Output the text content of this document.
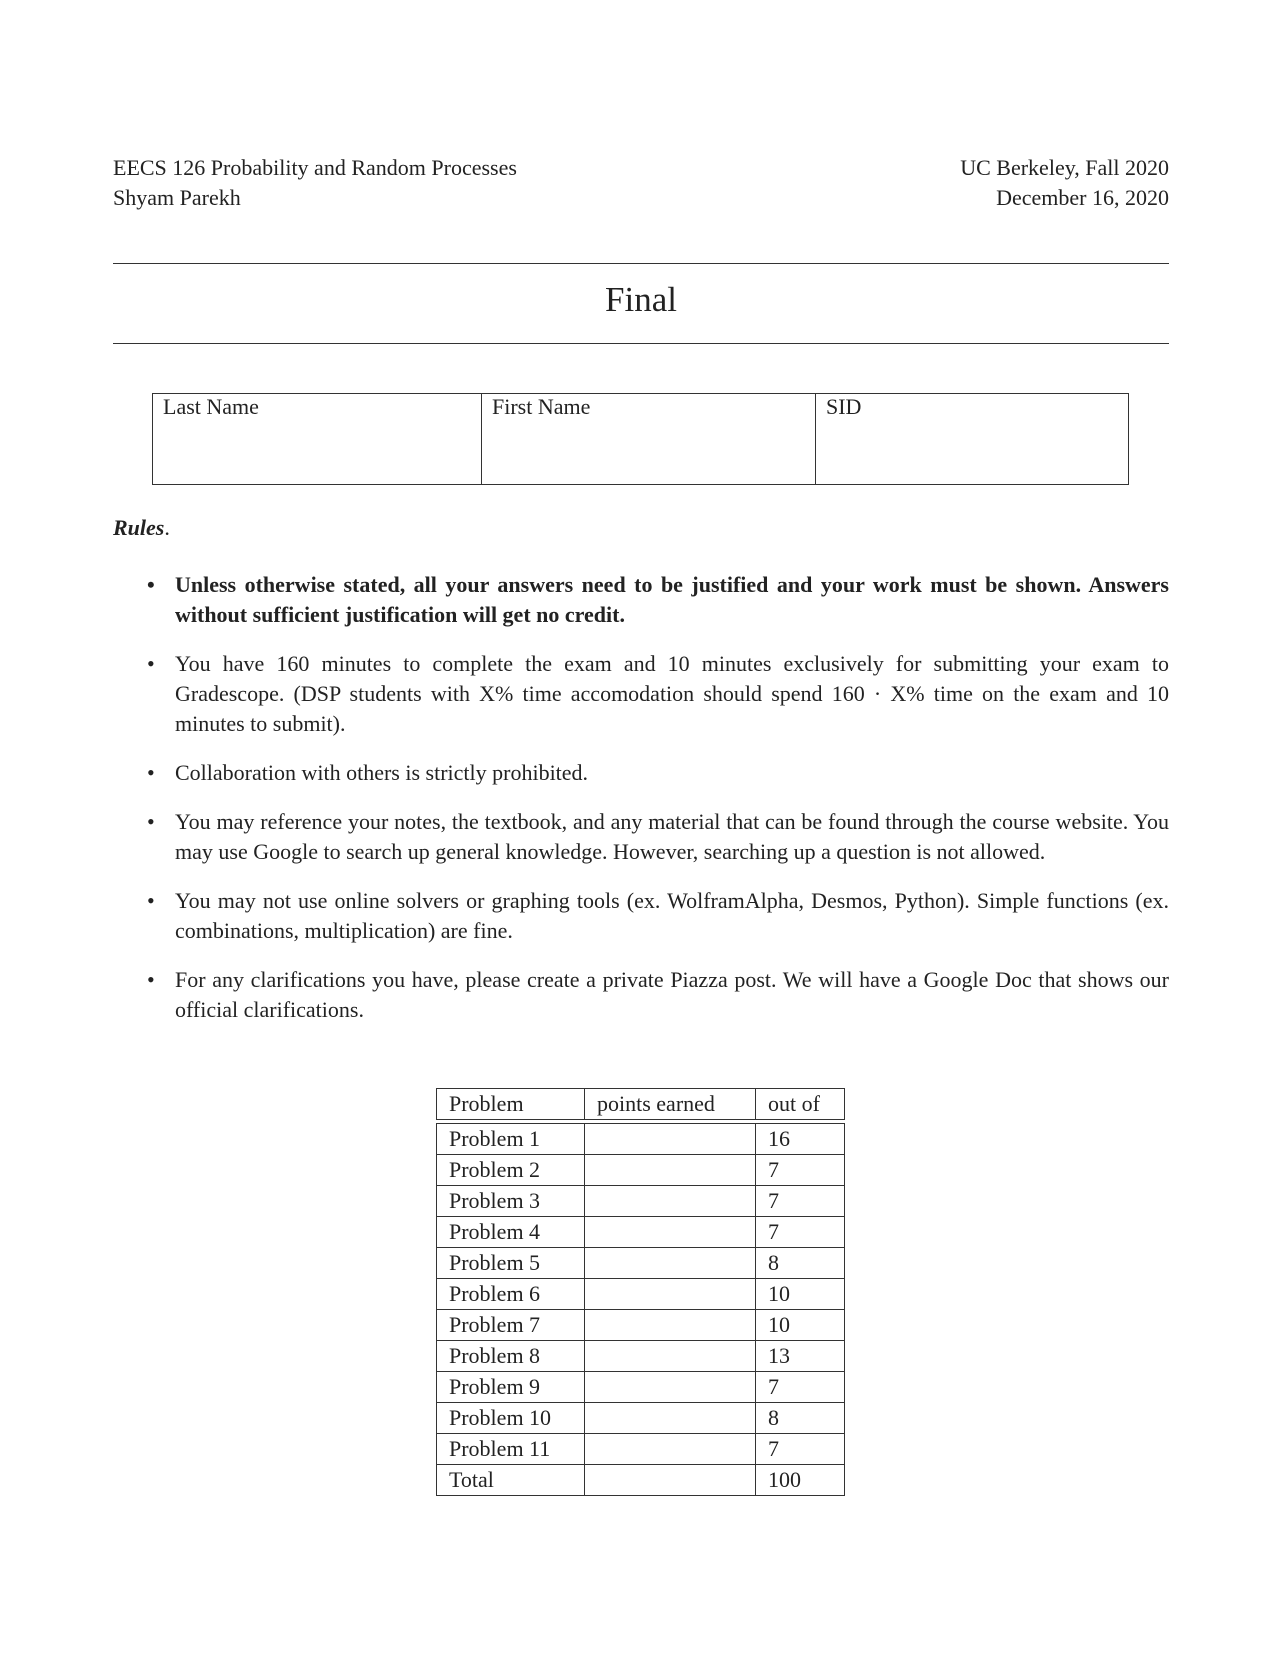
EECS 126 Probability and Random Processes
Shyam Parekh
UC Berkeley, Fall 2020
December 16, 2020
Final
Last Name	First Name	SID
Rules.
• Unless otherwise stated, all your answers need to be justified and your work must be shown. Answers without sufficient justification will get no credit.
• You have 160 minutes to complete the exam and 10 minutes exclusively for submitting your exam to Gradescope. (DSP students with X% time accomodation should spend 160 · X% time on the exam and 10 minutes to submit).
• Collaboration with others is strictly prohibited.
• You may reference your notes, the textbook, and any material that can be found through the course website. You may use Google to search up general knowledge. However, searching up a question is not allowed.
• You may not use online solvers or graphing tools (ex. WolframAlpha, Desmos, Python). Simple functions (ex. combinations, multiplication) are fine.
• For any clarifications you have, please create a private Piazza post. We will have a Google Doc that shows our official clarifications.
Problem	points earned	out of

Problem 1		16
Problem 2		7
Problem 3		7
Problem 4		7
Problem 5		8
Problem 6		10
Problem 7		10
Problem 8		13
Problem 9		7
Problem 10		8
Problem 11		7
Total		100
